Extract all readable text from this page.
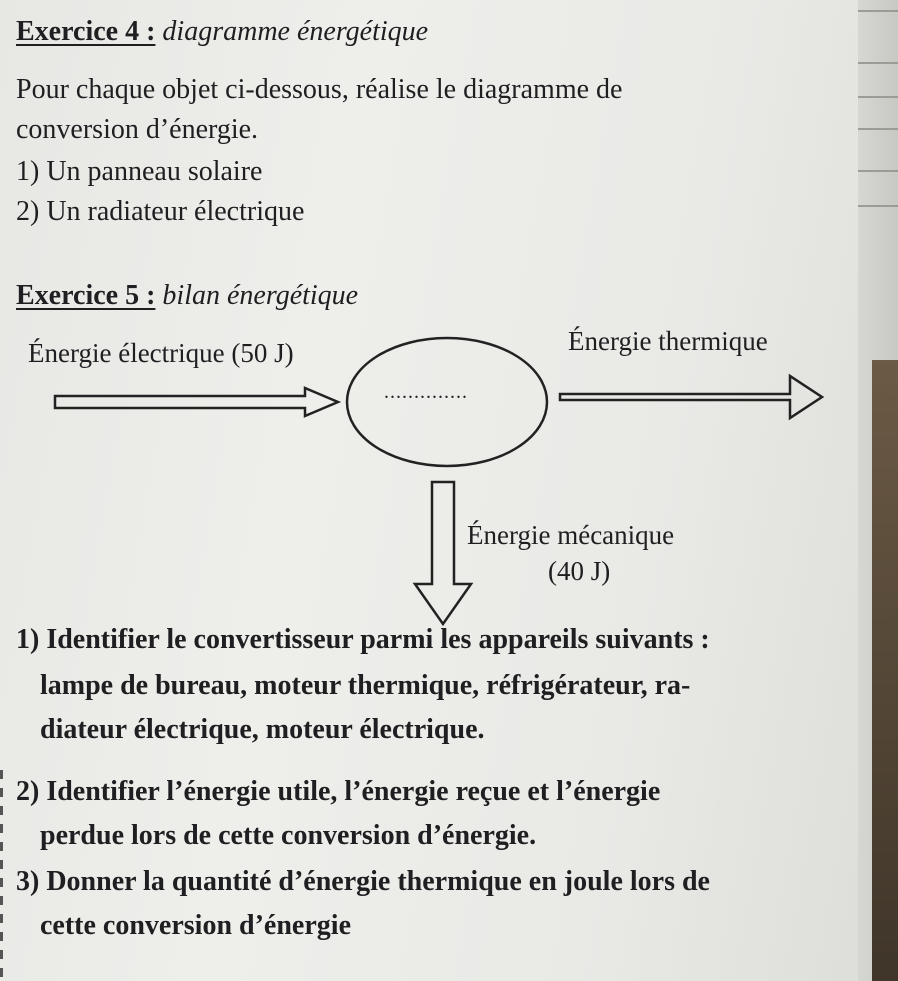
Exercice 4 : diagramme énergétique
Pour chaque objet ci-dessous, réalise le diagramme de
conversion d’énergie.
1) Un panneau solaire
2) Un radiateur électrique
Exercice 5 : bilan énergétique
Énergie électrique (50 J)	Énergie thermique
..............
Énergie mécanique
(40 J)
1) Identifier le convertisseur parmi les appareils suivants :
lampe de bureau, moteur thermique, réfrigérateur, ra-
diateur électrique, moteur électrique.
2) Identifier l’énergie utile, l’énergie reçue et l’énergie
perdue lors de cette conversion d’énergie.
3) Donner la quantité d’énergie thermique en joule lors de
cette conversion d’énergie
